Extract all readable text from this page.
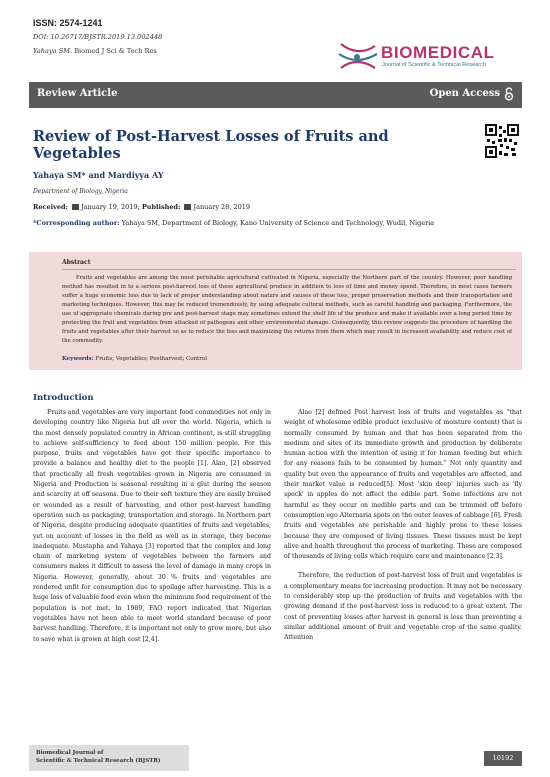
ISSN: 2574-1241
DOI: 10.26717/BJSTR.2019.13.002448
Yahaya SM. Biomed J Sci & Tech Res	BIOMEDICAL
Journal of Scientific & Technical Research
Review Article	Open Access
Review of Post-Harvest Losses of Fruits and Vegetables
Yahaya SM* and Mardiyya AY
Department of Biology, Nigeria
Received: January 19, 2019; Published: January 28, 2019
*Corresponding author: Yahaya SM, Department of Biology, Kano University of Science and Technology, Wudil, Nigeria
Abstract

Fruits and vegetables are among the most perishable agricultural cultivated in Nigeria, especially the Northern part of the country. However, poor handling method has resulted in to a serious post-harvest loss of these agricultural produce in addition to loss of time and money spend. Therefore, in most cases farmers suffer a huge economic loss due to lack of proper understanding about nature and causes of these loss, proper preservation methods and their transportation and marketing techniques. However, this may be reduced tremendously, by using adequate cultural methods, such as careful handling and packaging. Furthermore, the use of appropriate chemicals during pre and post-harvest stage may sometimes extend the shelf life of the produce and make it available over a long period time by protecting the fruit and vegetables from attacked of pathogens and other environmental damage. Consequently, this review suggests the procedure of handling the fruits and vegetables after their harvest so as to reduce the loss and maximizing the returns from them which may result in increased availability and reduce cost of the commodity.

Keywords: Fruits; Vegetables; Postharvest; Control
Introduction

Fruits and vegetables are very important food commodities not only in developing country like Nigeria but all over the world. Nigeria, which is the most densely populated country in African continent, is still struggling to achieve self-sufficiency to feed about 150 million people. For this purpose, fruits and vegetables have got their specific importance to provide a balance and healthy diet to the people [1]. Alao, [2] observed that practically all fresh vegetables grown in Nigeria are consumed in Nigeria and Production is seasonal resulting in a glut during the season and scarcity at off seasons. Due to their soft texture they are easily bruised or wounded as a result of harvesting, and other post-harvest handling operation such as packaging, transportation and storage. In Northern part of Nigeria, despite producing adequate quantities of fruits and vegetables, yet on account of losses in the field as well as in storage, they become inadequate. Mustapha and Yahaya [3] reported that the complex and long chain of marketing system of vegetables between the farmers and consumers makes it difficult to assess the level of damage in many crops in Nigeria. However, generally, about 30 % fruits and vegetables are rendered unfit for consumption due to spoilage after harvesting. This is a huge loss of valuable food even when the minimum food requirement of the population is not met. In 1989, FAO report indicated that Nigerian vegetables have not been able to meet world standard because of poor harvest handling. Therefore, it is important not only to grow more, but also to save what is grown at high cost [2,4].

Alao [2] defined Post harvest loss of fruits and vegetables as "that weight of wholesome edible product (exclusive of moisture content) that is normally consumed by human and that has been separated from the medium and sites of its immediate growth and production by deliberate human action with the intention of using it for human feeding but which for any reasons fails to be consumed by human." Not only quantity and quality but even the appearance of fruits and vegetables are affected, and their market value is reduced[5]. Most 'skin deep' injuries such as 'fly speck' in apples do not affect the edible part. Some infections are not harmful as they occur on inedible parts and can be trimmed off before consumption ego Alternaria spots on the outer leaves of cabbage [6]. Fresh fruits and vegetables are perishable and highly prone to these losses because they are composed of living tissues. These tissues must be kept alive and health throughout the process of marketing. These are composed of thousands of living cells which require care and maintenance [2,3].

Therefore, the reduction of post-harvest loss of fruit and vegetables is a complementary means for increasing production. It may not be necessary to considerably step up the production of fruits and vegetables with the growing demand if the post-harvest loss is reduced to a great extent. The cost of preventing losses after harvest in general is less than preventing a similar additional amount of fruit and vegetable crop of the same quality. Attention

Biomedical Journal of
Scientific & Technical Research (BJSTR)	10192
